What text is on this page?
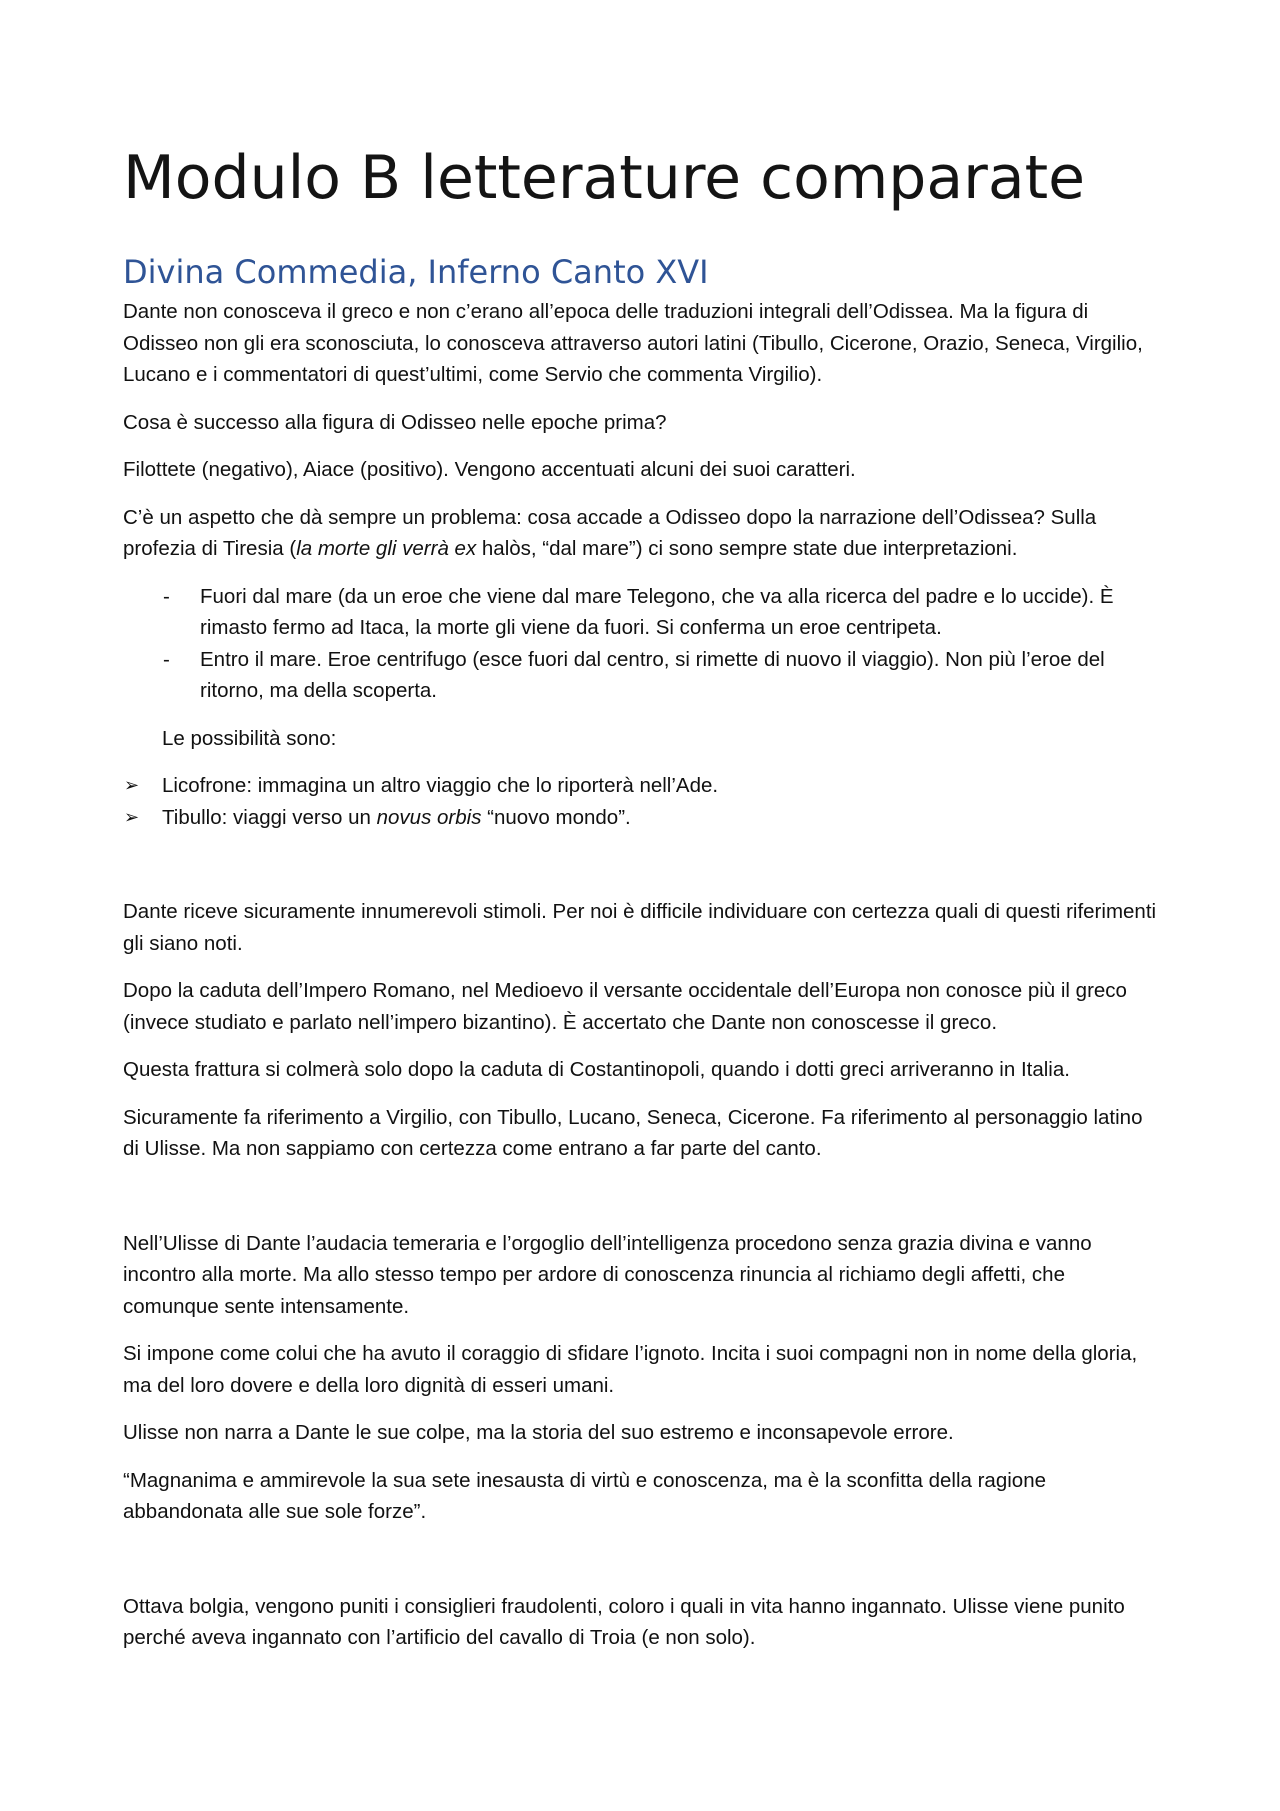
Modulo B letterature comparate
Divina Commedia, Inferno Canto XVI

Dante non conosceva il greco e non c’erano all’epoca delle traduzioni integrali dell’Odissea. Ma la figura di Odisseo non gli era sconosciuta, lo conosceva attraverso autori latini (Tibullo, Cicerone, Orazio, Seneca, Virgilio, Lucano e i commentatori di quest’ultimi, come Servio che commenta Virgilio).

Cosa è successo alla figura di Odisseo nelle epoche prima?

Filottete (negativo), Aiace (positivo). Vengono accentuati alcuni dei suoi caratteri.

C’è un aspetto che dà sempre un problema: cosa accade a Odisseo dopo la narrazione dell’Odissea? Sulla profezia di Tiresia (la morte gli verrà ex halòs, “dal mare”) ci sono sempre state due interpretazioni.

- Fuori dal mare (da un eroe che viene dal mare Telegono, che va alla ricerca del padre e lo uccide). È rimasto fermo ad Itaca, la morte gli viene da fuori. Si conferma un eroe centripeta.
- Entro il mare. Eroe centrifugo (esce fuori dal centro, si rimette di nuovo il viaggio). Non più l’eroe del ritorno, ma della scoperta.

Le possibilità sono:

➢ Licofrone: immagina un altro viaggio che lo riporterà nell’Ade.
➢ Tibullo: viaggi verso un novus orbis “nuovo mondo”.

Dante riceve sicuramente innumerevoli stimoli. Per noi è difficile individuare con certezza quali di questi riferimenti gli siano noti.

Dopo la caduta dell’Impero Romano, nel Medioevo il versante occidentale dell’Europa non conosce più il greco (invece studiato e parlato nell’impero bizantino). È accertato che Dante non conoscesse il greco.

Questa frattura si colmerà solo dopo la caduta di Costantinopoli, quando i dotti greci arriveranno in Italia.

Sicuramente fa riferimento a Virgilio, con Tibullo, Lucano, Seneca, Cicerone. Fa riferimento al personaggio latino di Ulisse. Ma non sappiamo con certezza come entrano a far parte del canto.

Nell’Ulisse di Dante l’audacia temeraria e l’orgoglio dell’intelligenza procedono senza grazia divina e vanno incontro alla morte. Ma allo stesso tempo per ardore di conoscenza rinuncia al richiamo degli affetti, che comunque sente intensamente.

Si impone come colui che ha avuto il coraggio di sfidare l’ignoto. Incita i suoi compagni non in nome della gloria, ma del loro dovere e della loro dignità di esseri umani.

Ulisse non narra a Dante le sue colpe, ma la storia del suo estremo e inconsapevole errore.

“Magnanima e ammirevole la sua sete inesausta di virtù e conoscenza, ma è la sconfitta della ragione abbandonata alle sue sole forze”.

Ottava bolgia, vengono puniti i consiglieri fraudolenti, coloro i quali in vita hanno ingannato. Ulisse viene punito perché aveva ingannato con l’artificio del cavallo di Troia (e non solo).
